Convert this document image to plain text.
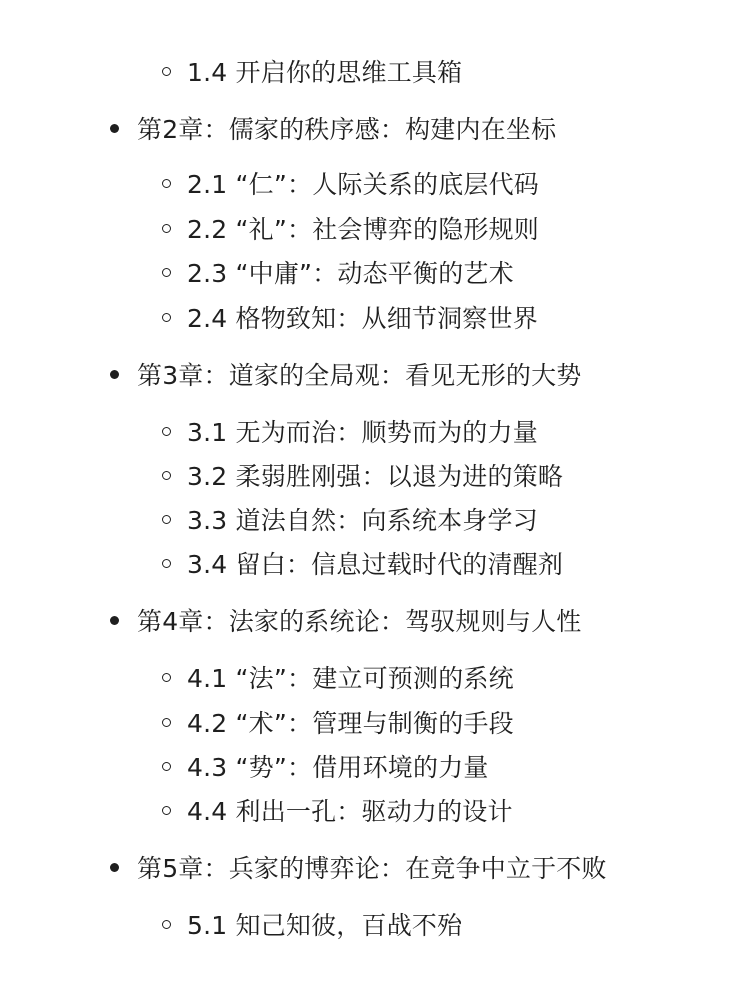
1.4 开启你的思维工具箱
第2章：儒家的秩序感：构建内在坐标
2.1 “仁”：人际关系的底层代码
2.2 “礼”：社会博弈的隐形规则
2.3 “中庸”：动态平衡的艺术
2.4 格物致知：从细节洞察世界
第3章：道家的全局观：看见无形的大势
3.1 无为而治：顺势而为的力量
3.2 柔弱胜刚强：以退为进的策略
3.3 道法自然：向系统本身学习
3.4 留白：信息过载时代的清醒剂
第4章：法家的系统论：驾驭规则与人性
4.1 “法”：建立可预测的系统
4.2 “术”：管理与制衡的手段
4.3 “势”：借用环境的力量
4.4 利出一孔：驱动力的设计
第5章：兵家的博弈论：在竞争中立于不败
5.1 知己知彼，百战不殆
